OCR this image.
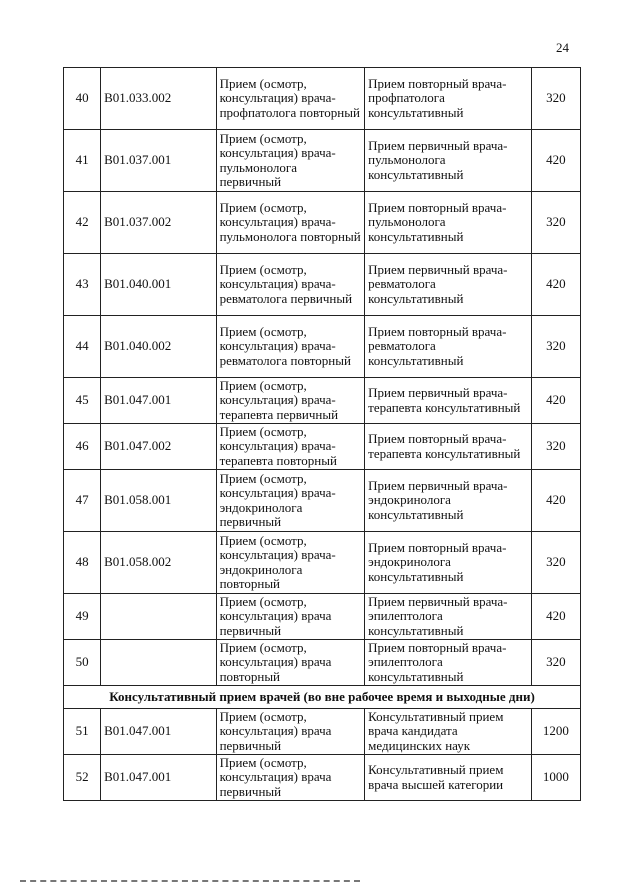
24
40	B01.033.002	Прием (осмотр, консультация) врача-профпатолога повторный	Прием повторный врача-профпатолога консультативный	320
41	B01.037.001	Прием (осмотр, консультация) врача-пульмонолога первичный	Прием первичный врача-пульмонолога консультативный	420
42	B01.037.002	Прием (осмотр, консультация) врача-пульмонолога повторный	Прием повторный врача-пульмонолога консультативный	320
43	B01.040.001	Прием (осмотр, консультация) врача-ревматолога первичный	Прием первичный врача-ревматолога консультативный	420
44	B01.040.002	Прием (осмотр, консультация) врача-ревматолога повторный	Прием повторный врача-ревматолога консультативный	320
45	B01.047.001	Прием (осмотр, консультация) врача-терапевта первичный	Прием первичный врача-терапевта консультативный	420
46	B01.047.002	Прием (осмотр, консультация) врача-терапевта повторный	Прием повторный врача-терапевта консультативный	320
47	B01.058.001	Прием (осмотр, консультация) врача-эндокринолога первичный	Прием первичный врача-эндокринолога консультативный	420
48	B01.058.002	Прием (осмотр, консультация) врача-эндокринолога повторный	Прием повторный врача-эндокринолога консультативный	320
49		Прием (осмотр, консультация) врача первичный	Прием первичный врача-эпилептолога консультативный	420
50		Прием (осмотр, консультация) врача повторный	Прием повторный врача-эпилептолога консультативный	320
Консультативный прием врачей (во вне рабочее время и выходные дни)				
51	B01.047.001	Прием (осмотр, консультация) врача первичный	Консультативный прием врача кандидата медицинских наук	1200
52	B01.047.001	Прием (осмотр, консультация) врача первичный	Консультативный прием врача высшей категории	1000
